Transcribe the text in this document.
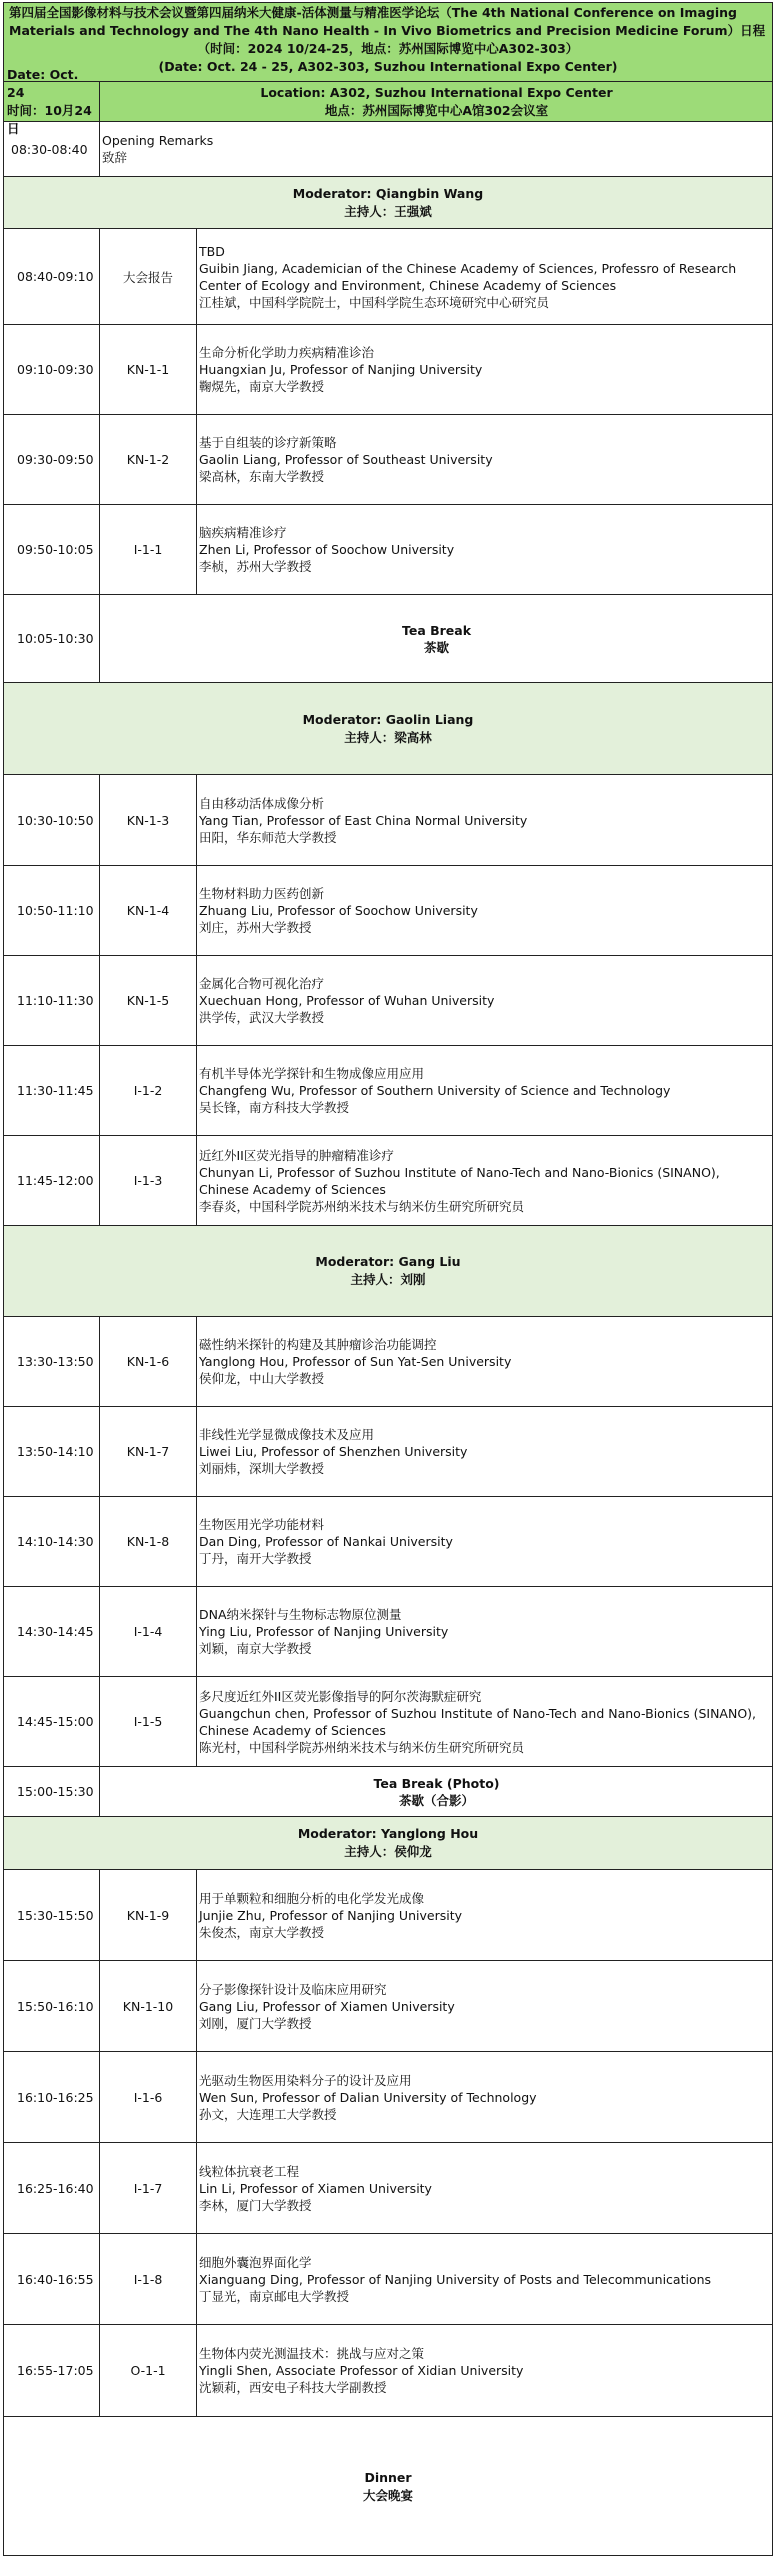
第四届全国影像材料与技术会议暨第四届纳米大健康-活体测量与精准医学论坛（The 4th National Conference on Imaging Materials and Technology and The 4th Nano Health - In Vivo Biometrics and Precision Medicine Forum）日程
（时间：2024 10/24-25，地点：苏州国际博览中心A302-303）
(Date: Oct. 24 - 25, A302-303, Suzhou International Expo Center)
Date: Oct. 24
时间：10月24日
Location: A302, Suzhou International Expo Center
地点：苏州国际博览中心A馆302会议室
08:30-08:40
Opening Remarks
致辞
Moderator: Qiangbin Wang
主持人：王强斌
08:40-09:10	大会报告
TBD
Guibin Jiang, Academician of the Chinese Academy of Sciences, Professro of Research Center of Ecology and Environment, Chinese Academy of Sciences
江桂斌，中国科学院院士，中国科学院生态环境研究中心研究员
09:10-09:30	KN-1-1
生命分析化学助力疾病精准诊治
Huangxian Ju, Professor of Nanjing University
鞠熀先，南京大学教授
09:30-09:50	KN-1-2
基于自组装的诊疗新策略
Gaolin Liang, Professor of Southeast University
梁高林，东南大学教授
09:50-10:05	I-1-1
脑疾病精准诊疗
Zhen Li, Professor of Soochow University
李桢，苏州大学教授
10:05-10:30
Tea Break
茶歇
Moderator: Gaolin Liang
主持人：梁高林
10:30-10:50	KN-1-3
自由移动活体成像分析
Yang Tian, Professor of East China Normal University
田阳，华东师范大学教授
10:50-11:10	KN-1-4
生物材料助力医药创新
Zhuang Liu, Professor of Soochow University
刘庄，苏州大学教授
11:10-11:30	KN-1-5
金属化合物可视化治疗
Xuechuan Hong, Professor of Wuhan University
洪学传，武汉大学教授
11:30-11:45	I-1-2
有机半导体光学探针和生物成像应用应用
Changfeng Wu, Professor of Southern University of Science and Technology
吴长锋，南方科技大学教授
11:45-12:00	I-1-3
近红外II区荧光指导的肿瘤精准诊疗
Chunyan Li, Professor of Suzhou Institute of Nano-Tech and Nano-Bionics (SINANO), Chinese Academy of Sciences
李春炎，中国科学院苏州纳米技术与纳米仿生研究所研究员
Moderator: Gang Liu
主持人：刘刚
13:30-13:50	KN-1-6
磁性纳米探针的构建及其肿瘤诊治功能调控
Yanglong Hou, Professor of Sun Yat-Sen University
侯仰龙，中山大学教授
13:50-14:10	KN-1-7
非线性光学显微成像技术及应用
Liwei Liu, Professor of Shenzhen University
刘丽炜，深圳大学教授
14:10-14:30	KN-1-8
生物医用光学功能材料
Dan Ding, Professor of Nankai University
丁丹，南开大学教授
14:30-14:45	I-1-4
DNA纳米探针与生物标志物原位测量
Ying Liu, Professor of Nanjing University
刘颖，南京大学教授
14:45-15:00	I-1-5
多尺度近红外II区荧光影像指导的阿尔茨海默症研究
Guangchun chen, Professor of Suzhou Institute of Nano-Tech and Nano-Bionics (SINANO), Chinese Academy of Sciences
陈光村，中国科学院苏州纳米技术与纳米仿生研究所研究员
15:00-15:30
Tea Break (Photo)
茶歇（合影）
Moderator: Yanglong Hou
主持人：侯仰龙
15:30-15:50	KN-1-9
用于单颗粒和细胞分析的电化学发光成像
Junjie Zhu, Professor of Nanjing University
朱俊杰，南京大学教授
15:50-16:10	KN-1-10
分子影像探针设计及临床应用研究
Gang Liu, Professor of Xiamen University
刘刚，厦门大学教授
16:10-16:25	I-1-6
光驱动生物医用染料分子的设计及应用
Wen Sun, Professor of Dalian University of Technology
孙文，大连理工大学教授
16:25-16:40	I-1-7
线粒体抗衰老工程
Lin Li, Professor of Xiamen University
李林，厦门大学教授
16:40-16:55	I-1-8
细胞外囊泡界面化学
Xianguang Ding, Professor of Nanjing University of Posts and Telecommunications
丁显光，南京邮电大学教授
16:55-17:05	O-1-1
生物体内荧光测温技术：挑战与应对之策
Yingli Shen, Associate Professor of Xidian University
沈颖莉，西安电子科技大学副教授
Dinner
大会晚宴
